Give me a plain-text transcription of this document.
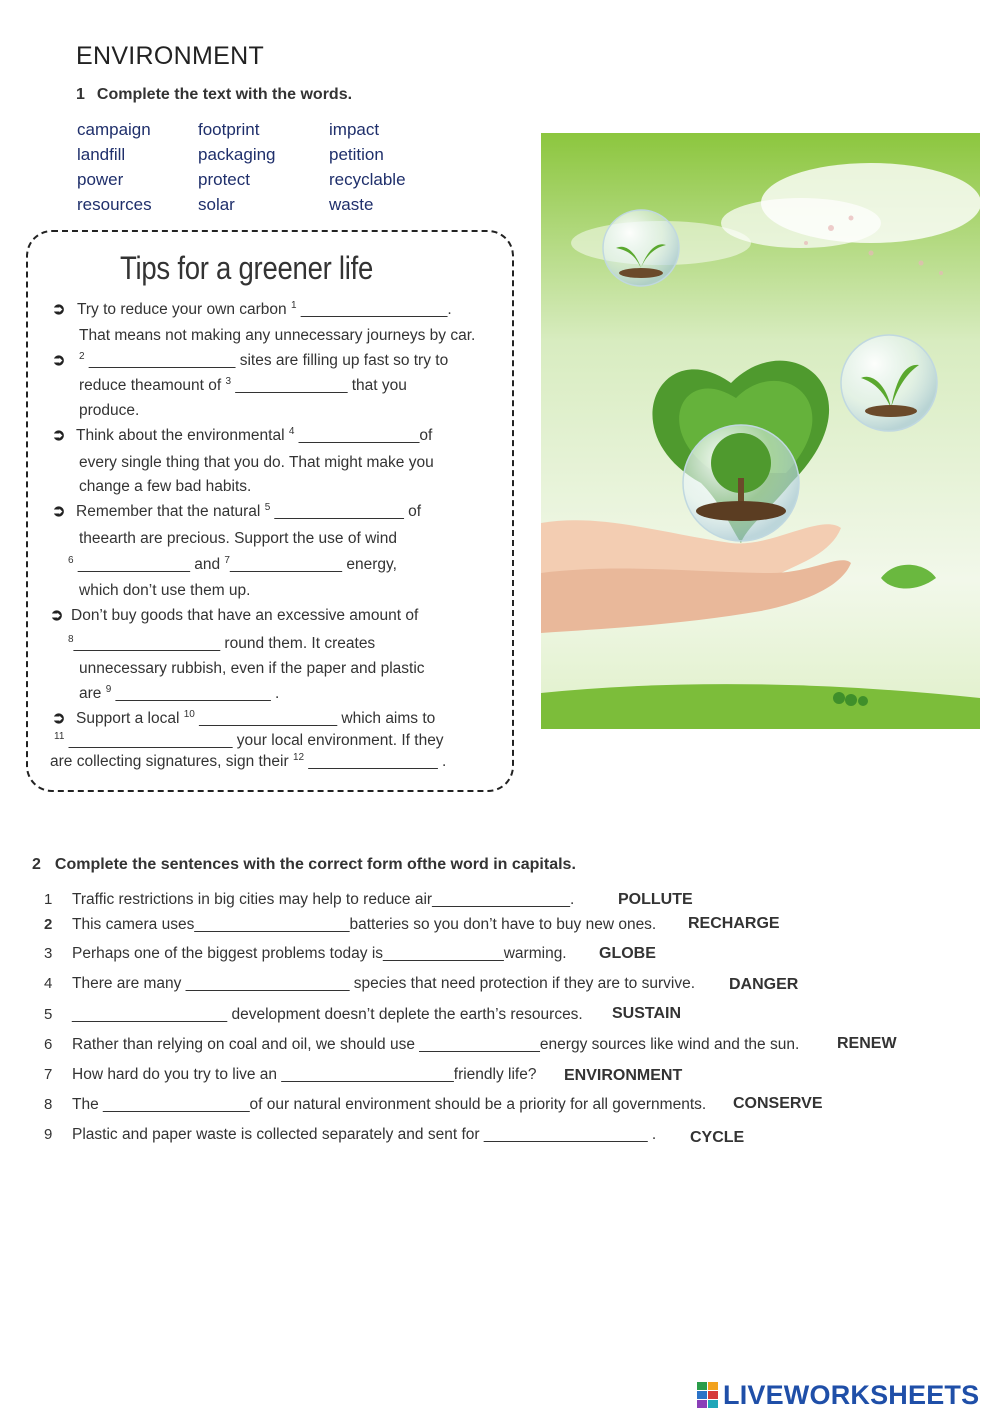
ENVIRONMENT
1 Complete the text with the words.
campaign	footprint	impact
landfill	packaging	petition
power	protect	recyclable
resources	solar	waste
Tips for a greener life
➲
➲
➲
➲
➲
➲
Try to reduce your own carbon $^1$ _________________.
That means not making any unnecessary journeys by car.
$^2$ _________________ sites are filling up fast so try to
reduce theamount of $^3$ _____________ that you
produce.
Think about the environmental $^4$ ______________of
every single thing that you do. That might make you
change a few bad habits.
Remember that the natural $^5$ _______________ of
theearth are precious. Support the use of wind
$^6$ _____________ and $^7$_____________ energy,
which don’t use them up.
Don’t buy goods that have an excessive amount of
$^8$_________________ round them. It creates
unnecessary rubbish, even if the paper and plastic
are $^9$ __________________ .
Support a local $^{10}$ ________________ which aims to
$^{11}$ ___________________ your local environment. If they
are collecting signatures, sign their $^{12}$ _______________ .
2 Complete the sentences with the correct form ofthe word in capitals.
1 Traffic restrictions in big cities may help to reduce air________________.	POLLUTE
2 This camera uses__________________batteries so you don’t have to buy new ones. RECHARGE
3 Perhaps one of the biggest problems today is______________warming. GLOBE
4 There are many ___________________ species that need protection if they are to survive. DANGER
5 __________________ development doesn’t deplete the earth’s resources. SUSTAIN
6 Rather than relying on coal and oil, we should use ______________energy sources like wind and the sun. RENEW
7 How hard do you try to live an ____________________friendly life? ENVIRONMENT
8 The _________________of our natural environment should be a priority for all governments. CONSERVE
9 Plastic and paper waste is collected separately and sent for ___________________ . CYCLE
LIVEWORKSHEETS
